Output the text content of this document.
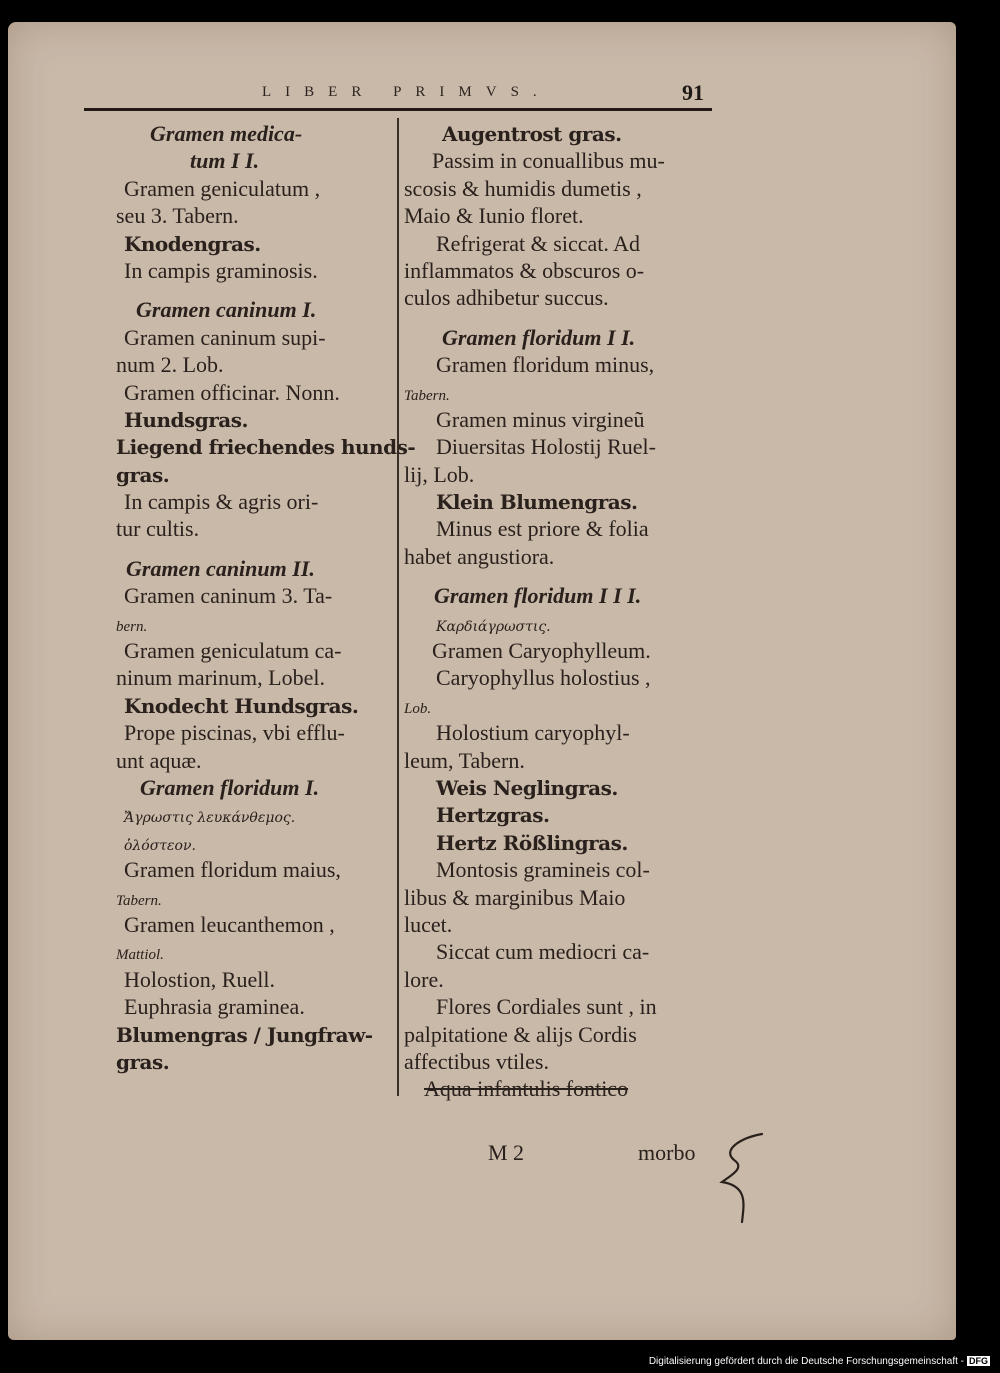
LIBER PRIMVS.	91
Gramen medica-
tum I I.
Gramen geniculatum ,
seu 3. Tabern.
Knodengras.
In campis graminosis.
Gramen caninum I.
Gramen caninum supi-
num 2. Lob.
Gramen officinar. Nonn.
Hundsgras.
Liegend friechendes hunds-
gras.
In campis & agris ori-
tur cultis.
Gramen caninum II.
Gramen caninum 3. Ta-
bern.
Gramen geniculatum ca-
ninum marinum, Lobel.
Knodecht Hundsgras.
Prope piscinas, vbi efflu-
unt aquæ.
Gramen floridum I.
Ἄγρωστις λευκάνθεμος.
ὁλόστεον.
Gramen floridum maius,
Tabern.
Gramen leucanthemon ,
Mattiol.
Holostion, Ruell.
Euphrasia graminea.
Blumengras / Jungfraw-
gras.
Augentrost gras.
Passim in conuallibus mu-
scosis & humidis dumetis ,
Maio & Iunio floret.
Refrigerat & siccat. Ad
inflammatos & obscuros o-
culos adhibetur succus.
Gramen floridum I I.
Gramen floridum minus,
Tabern.
Gramen minus virgineũ
Diuersitas Holostij Ruel-
lij, Lob.
Klein Blumengras.
Minus est priore & folia
habet angustiora.
Gramen floridum I I I.
Καρδιάγρωστις.
Gramen Caryophylleum.
Caryophyllus holostius ,
Lob.
Holostium caryophyl-
leum, Tabern.
Weis Neglingras.
Hertzgras.
Hertz Rößlingras.
Montosis gramineis col-
libus & marginibus Maio
lucet.
Siccat cum mediocri ca-
lore.
Flores Cordiales sunt , in
palpitatione & alijs Cordis
affectibus vtiles.
Aqua infantulis fontico
M 2	morbo
Digitalisierung gefördert durch die Deutsche Forschungsgemeinschaft - DFG
